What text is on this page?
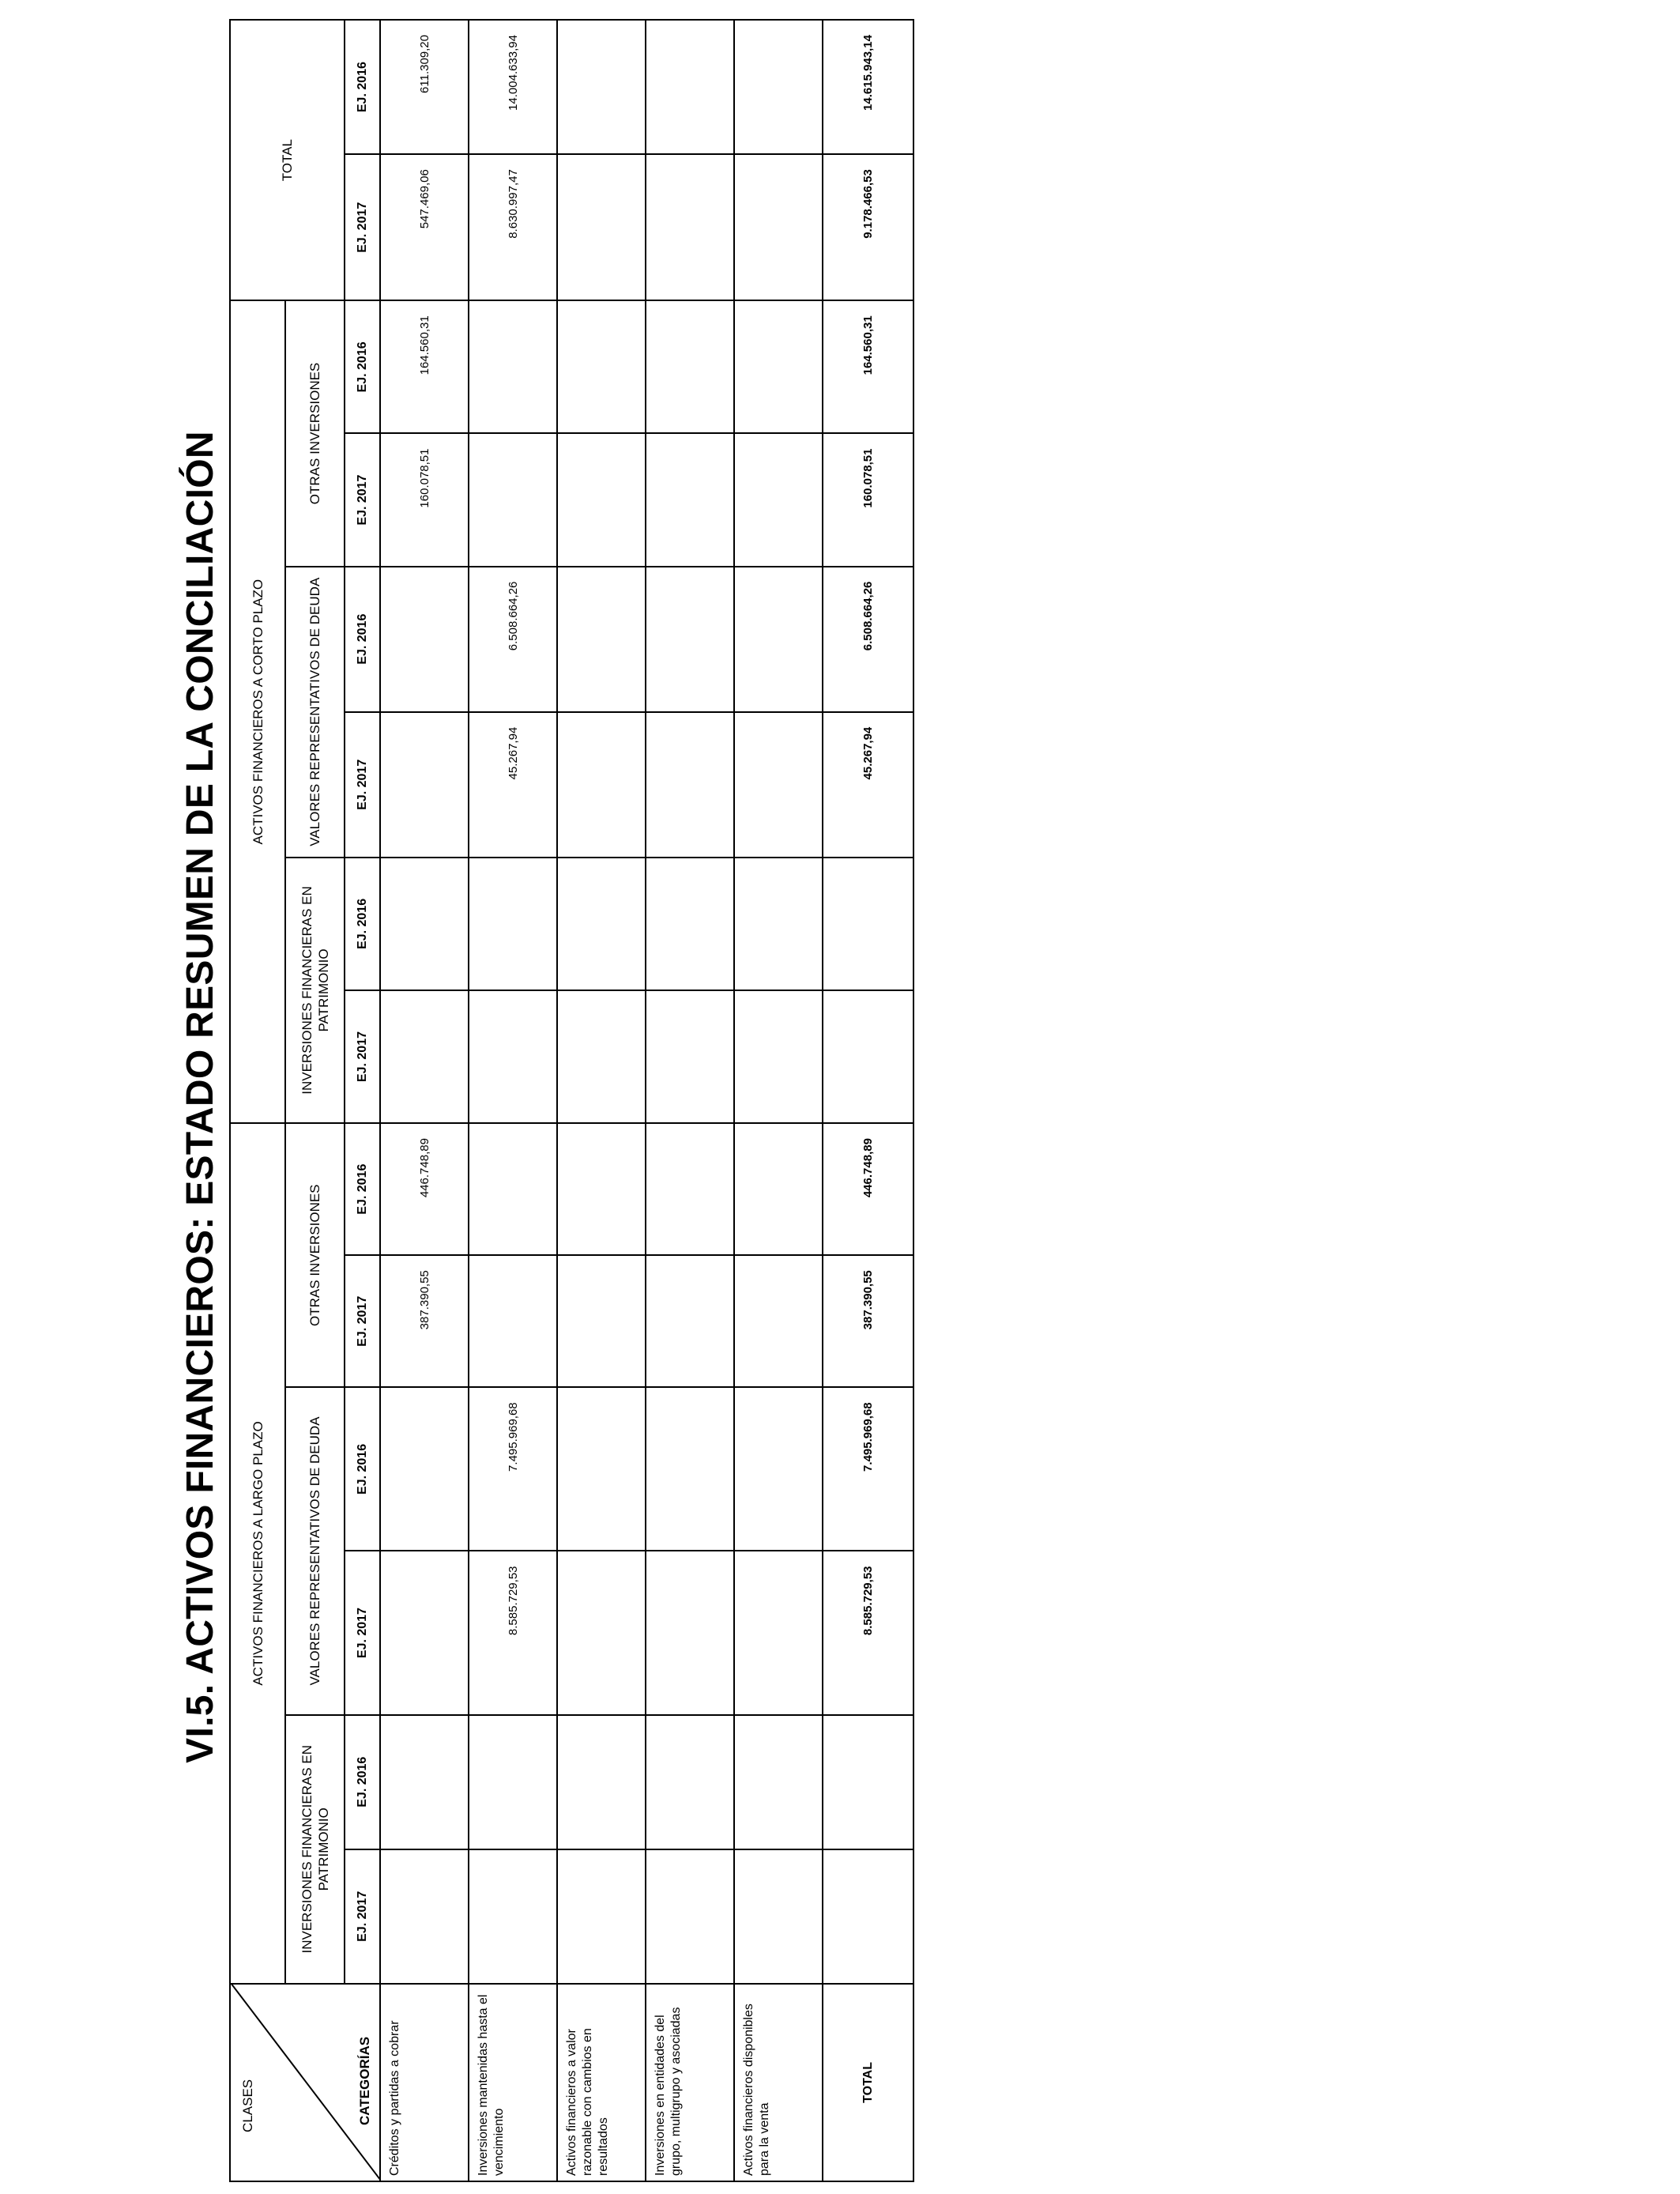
VI.5. ACTIVOS FINANCIEROS: ESTADO RESUMEN DE LA CONCILIACIÓN
CLASES CATEGORÍAS	ACTIVOS FINANCIEROS A LARGO PLAZO						ACTIVOS FINANCIEROS A CORTO PLAZO						TOTAL	
	INVERSIONES FINANCIERAS EN PATRIMONIO		VALORES REPRESENTATIVOS DE DEUDA		OTRAS INVERSIONES		INVERSIONES FINANCIERAS EN PATRIMONIO		VALORES REPRESENTATIVOS DE DEUDA		OTRAS INVERSIONES			
	EJ. 2017	EJ. 2016	EJ. 2017	EJ. 2016	EJ. 2017	EJ. 2016	EJ. 2017	EJ. 2016	EJ. 2017	EJ. 2016	EJ. 2017	EJ. 2016	EJ. 2017	EJ. 2016
Créditos y partidas a cobrar					387.390,55	446.748,89					160.078,51	164.560,31	547.469,06	611.309,20
Inversiones mantenidas hasta el vencimiento			8.585.729,53	7.495.969,68					45.267,94	6.508.664,26			8.630.997,47	14.004.633,94
Activos financieros a valor razonable con cambios en resultados														
Inversiones en entidades del grupo, multigrupo y asociadas														
Activos financieros disponibles para la venta														
TOTAL			8.585.729,53	7.495.969,68	387.390,55	446.748,89			45.267,94	6.508.664,26	160.078,51	164.560,31	9.178.466,53	14.615.943,14
